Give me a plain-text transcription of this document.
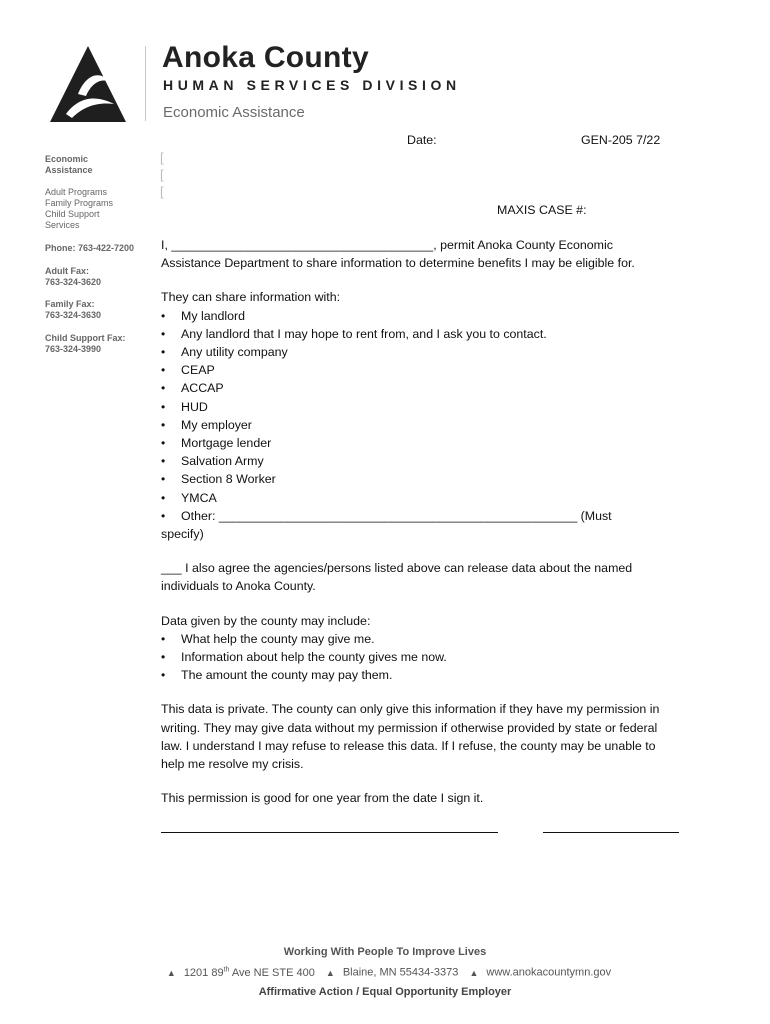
Anoka County
HUMAN SERVICES DIVISION
Economic Assistance
Economic
Assistance
Adult Programs
Family Programs
Child Support
Services
Phone: 763-422-7200
Adult Fax:
763-324-3620
Family Fax:
763-324-3630
Child Support Fax:
763-324-3990
[
[
[
Date:	GEN-205 7/22
MAXIS CASE #:

I, ______________________________________, permit Anoka County Economic

Assistance Department to share information to determine benefits I may be eligible for.

They can share information with:

• My landlord
• Any landlord that I may hope to rent from, and I ask you to contact.
• Any utility company
• CEAP
• ACCAP
• HUD
• My employer
• Mortgage lender
• Salvation Army
• Section 8 Worker
• YMCA
• Other: ____________________________________________________ (Must

specify)

___ I also agree the agencies/persons listed above can release data about the named

individuals to Anoka County.

Data given by the county may include:

• What help the county may give me.
• Information about help the county gives me now.
• The amount the county may pay them.

This data is private. The county can only give this information if they have my permission in

writing. They may give data without my permission if otherwise provided by state or federal

law. I understand I may refuse to release this data. If I refuse, the county may be unable to

help me resolve my crisis.

This permission is good for one year from the date I sign it.

Working With People To Improve Lives
▲ 1201 89th Ave NE STE 400 ▲ Blaine, MN 55434-3373 ▲ www.anokacountymn.gov
Affirmative Action / Equal Opportunity Employer
